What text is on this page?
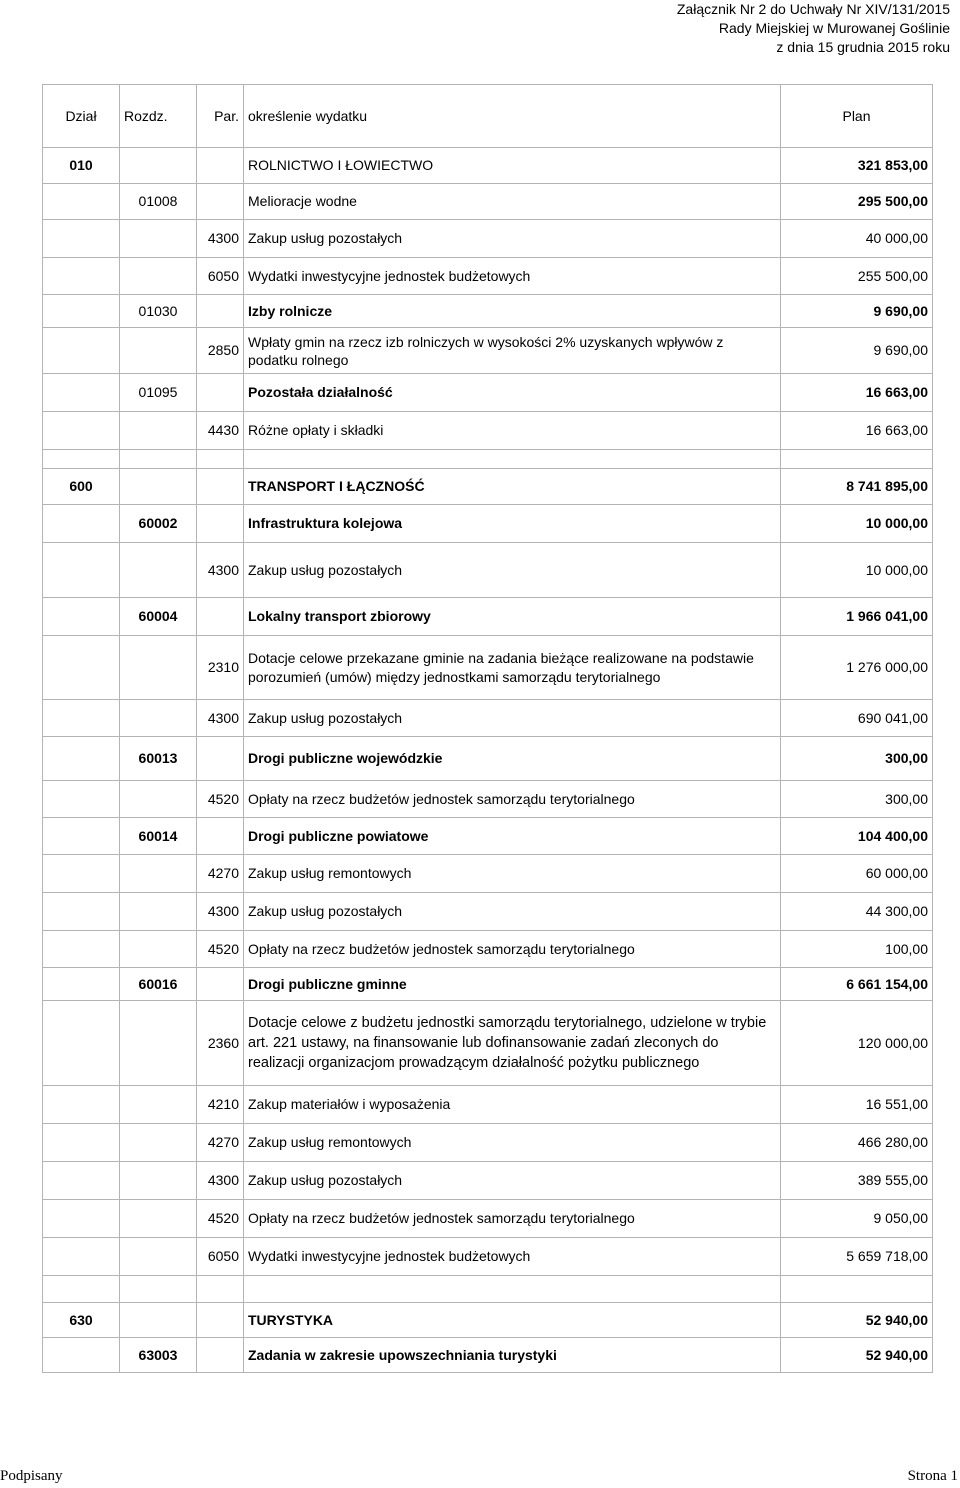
Załącznik Nr 2 do Uchwały Nr XIV/131/2015
Rady Miejskiej w Murowanej Goślinie
z dnia 15 grudnia 2015 roku
Dział	Rozdz.	Par.	określenie wydatku	Plan
010			ROLNICTWO I ŁOWIECTWO	321 853,00
	01008		Melioracje wodne	295 500,00
		4300	Zakup usług pozostałych	40 000,00
		6050	Wydatki inwestycyjne jednostek budżetowych	255 500,00
	01030		Izby rolnicze	9 690,00
		2850	Wpłaty gmin na rzecz izb rolniczych w wysokości 2% uzyskanych wpływów z podatku rolnego	9 690,00
	01095		Pozostała działalność	16 663,00
		4430	Różne opłaty i składki	16 663,00

600			TRANSPORT I ŁĄCZNOŚĆ	8 741 895,00
	60002		Infrastruktura kolejowa	10 000,00
		4300	Zakup usług pozostałych	10 000,00
	60004		Lokalny transport zbiorowy	1 966 041,00
		2310	Dotacje celowe przekazane gminie na zadania bieżące realizowane na podstawie porozumień (umów) między jednostkami samorządu terytorialnego	1 276 000,00
		4300	Zakup usług pozostałych	690 041,00
	60013		Drogi publiczne wojewódzkie	300,00
		4520	Opłaty na rzecz budżetów jednostek samorządu terytorialnego	300,00
	60014		Drogi publiczne powiatowe	104 400,00
		4270	Zakup usług remontowych	60 000,00
		4300	Zakup usług pozostałych	44 300,00
		4520	Opłaty na rzecz budżetów jednostek samorządu terytorialnego	100,00
	60016		Drogi publiczne gminne	6 661 154,00
		2360	Dotacje celowe z budżetu jednostki samorządu terytorialnego, udzielone w trybie art. 221 ustawy, na finansowanie lub dofinansowanie zadań zleconych do realizacji organizacjom prowadzącym działalność pożytku publicznego	120 000,00
		4210	Zakup materiałów i wyposażenia	16 551,00
		4270	Zakup usług remontowych	466 280,00
		4300	Zakup usług pozostałych	389 555,00
		4520	Opłaty na rzecz budżetów jednostek samorządu terytorialnego	9 050,00
		6050	Wydatki inwestycyjne jednostek budżetowych	5 659 718,00

630			TURYSTYKA	52 940,00
	63003		Zadania w zakresie upowszechniania turystyki	52 940,00
Podpisany	Strona 1
